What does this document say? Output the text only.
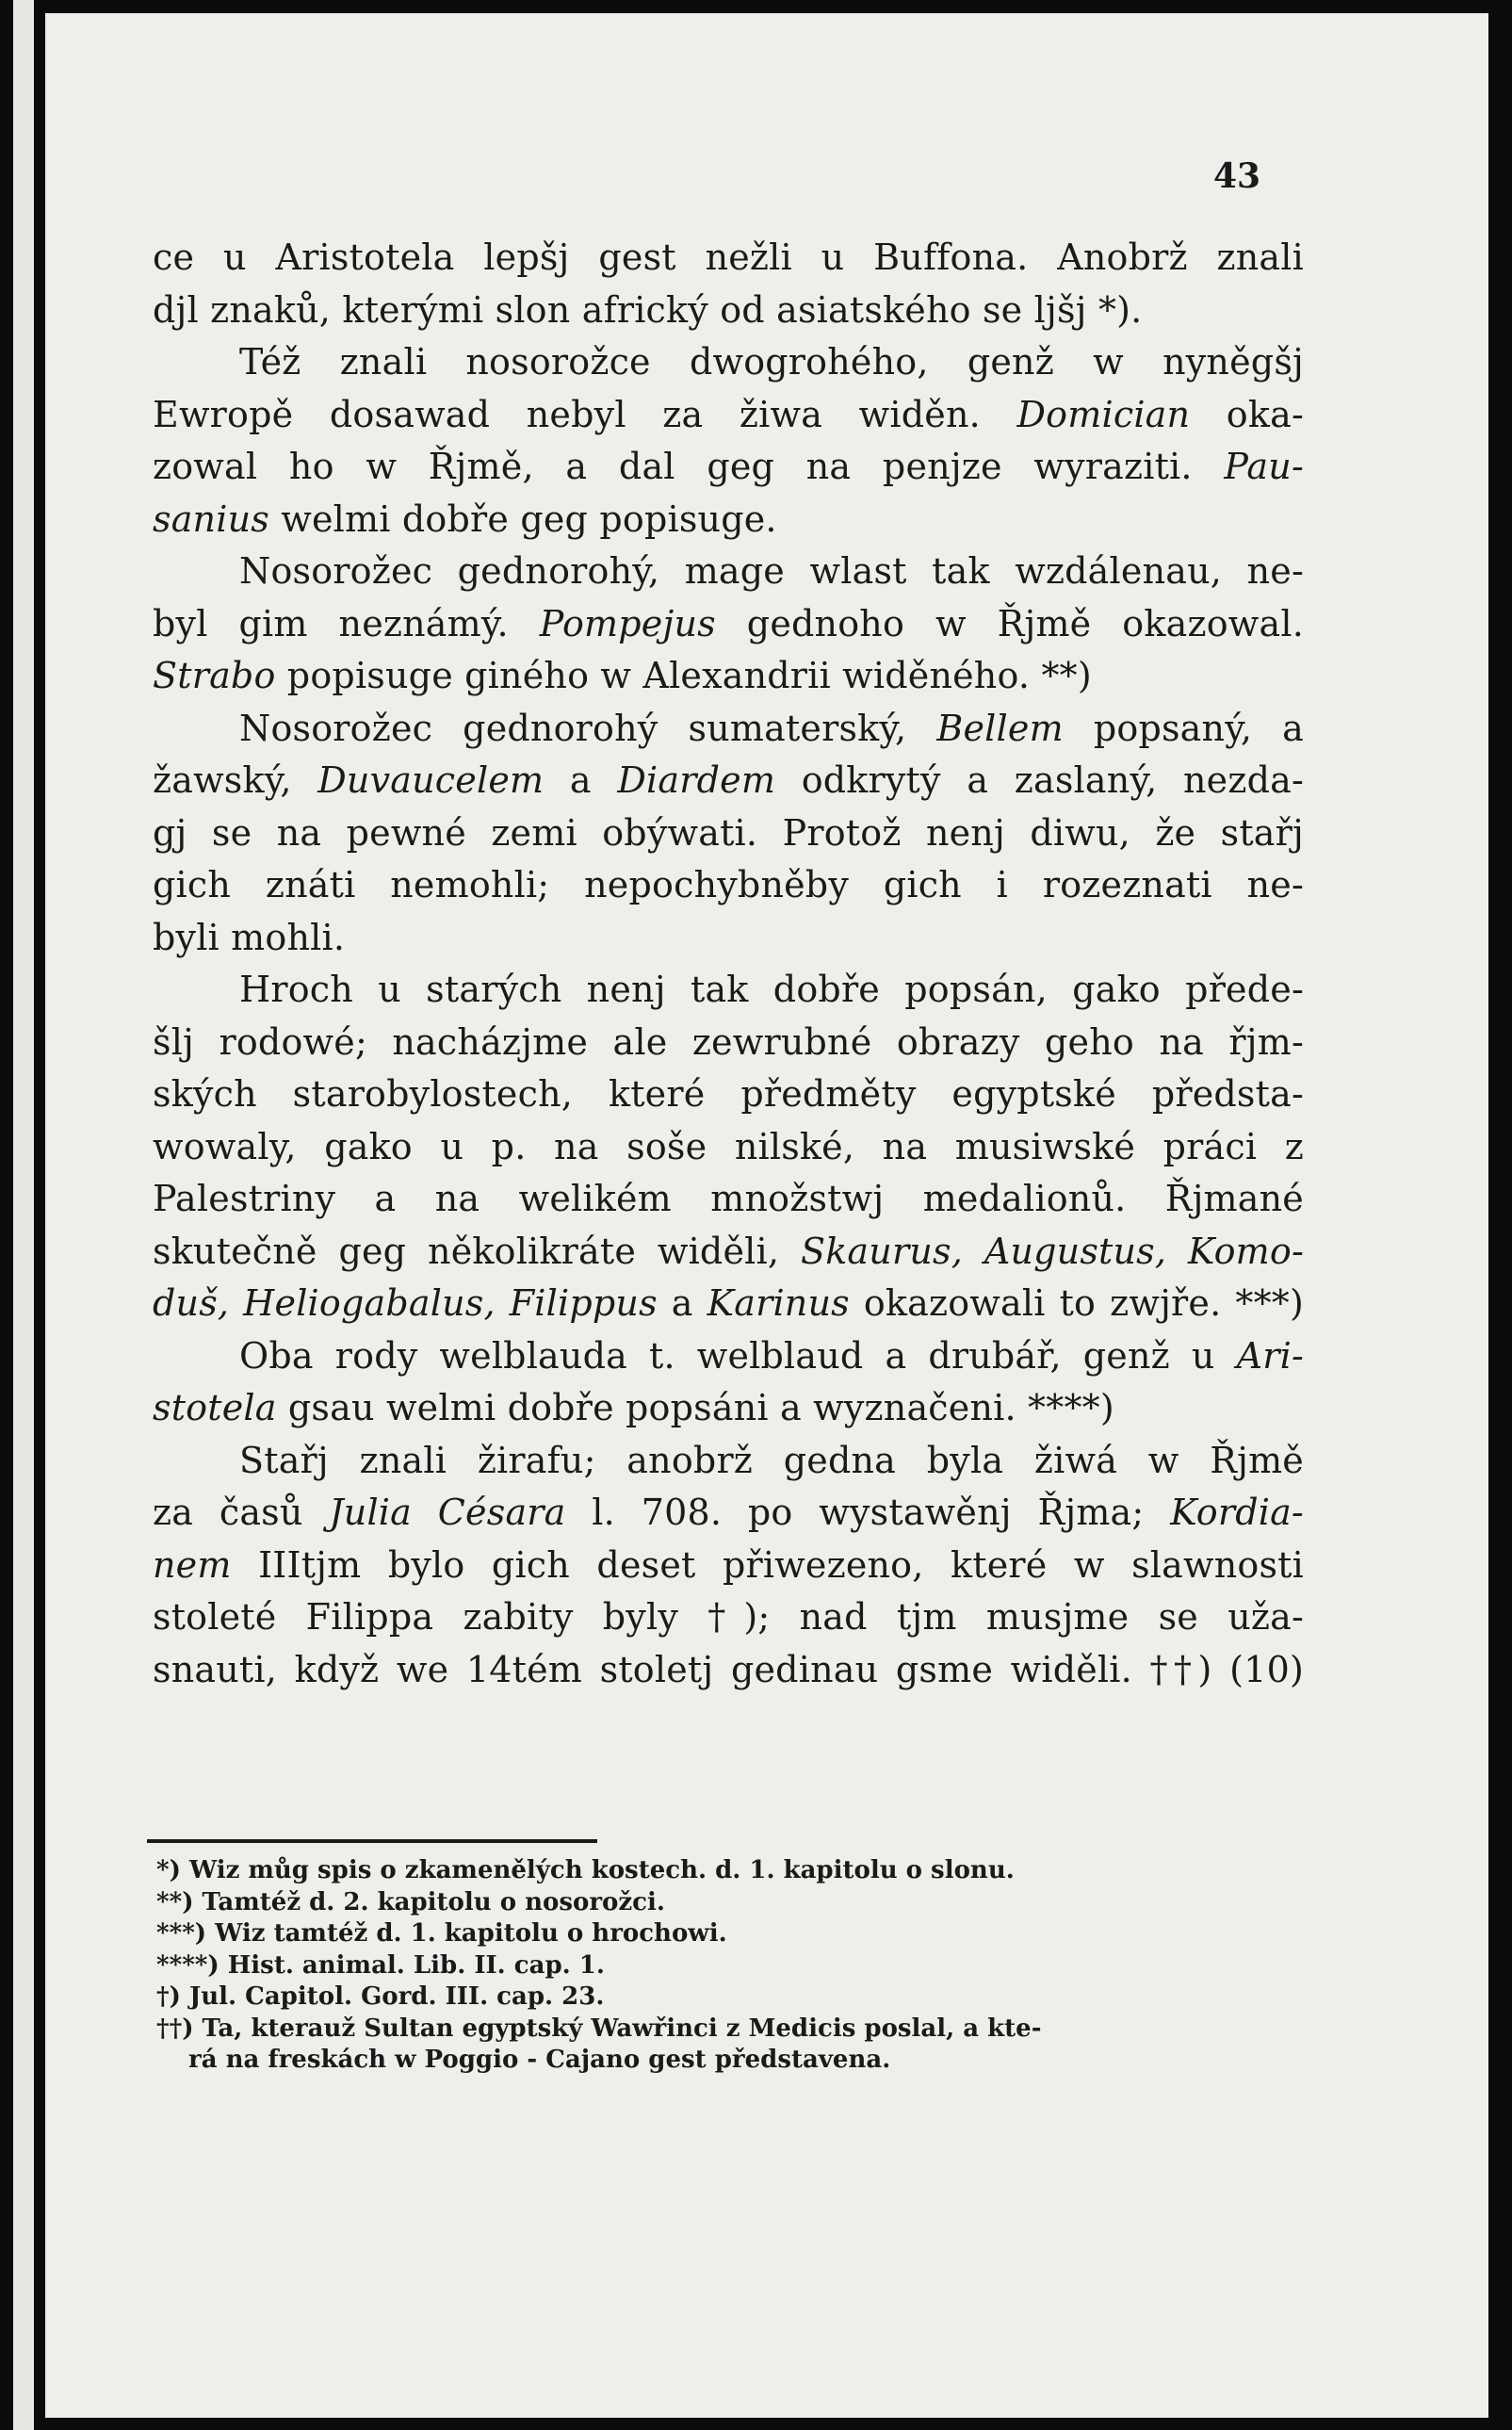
43
ce u Aristotela lepšj gest nežli u Buffona. Anobrž znali
djl znaků, kterými slon africký od asiatského se ljšj *).
Též znali nosorožce dwogrohého, genž w nyněgšj
Ewropě dosawad nebyl za žiwa widěn. Domician oka-
zowal ho w Řjmě, a dal geg na penjze wyraziti. Pau-
sanius welmi dobře geg popisuge.
Nosorožec gednorohý, mage wlast tak wzdálenau, ne-
byl gim neznámý. Pompejus gednoho w Řjmě okazowal.
Strabo popisuge giného w Alexandrii widěného. **)
Nosorožec gednorohý sumaterský, Bellem popsaný, a
žawský, Duvaucelem a Diardem odkrytý a zaslaný, nezda-
gj se na pewné zemi obýwati. Protož nenj diwu, že stařj
gich znáti nemohli; nepochybněby gich i rozeznati ne-
byli mohli.
Hroch u starých nenj tak dobře popsán, gako přede-
šlj rodowé; nacházjme ale zewrubné obrazy geho na řjm-
ských starobylostech, které předměty egyptské předsta-
wowaly, gako u p. na soše nilské, na musiwské práci z
Palestriny a na welikém množstwj medalionů. Řjmané
skutečně geg několikráte widěli, Skaurus, Augustus, Komo-
duš, Heliogabalus, Filippus a Karinus okazowali to zwjře. ***)
Oba rody welblauda t. welblaud a drubář, genž u Ari-
stotela gsau welmi dobře popsáni a wyznačeni. ****)
Stařj znali žirafu; anobrž gedna byla žiwá w Řjmě
za časů Julia Césara l. 708. po wystawěnj Řjma; Kordia-
nem IIItjm bylo gich deset přiwezeno, které w slawnosti
stoleté Filippa zabity byly †); nad tjm musjme se uža-
snauti, když we 14tém stoletj gedinau gsme widěli. ††) (10)
*) Wiz můg spis o zkamenělých kostech. d. 1. kapitolu o slonu.
**) Tamtéž d. 2. kapitolu o nosorožci.
***) Wiz tamtéž d. 1. kapitolu o hrochowi.
****) Hist. animal. Lib. II. cap. 1.
†) Jul. Capitol. Gord. III. cap. 23.
††) Ta, kterauž Sultan egyptský Wawřinci z Medicis poslal, a kte-
rá na freskách w Poggio - Cajano gest představena.
